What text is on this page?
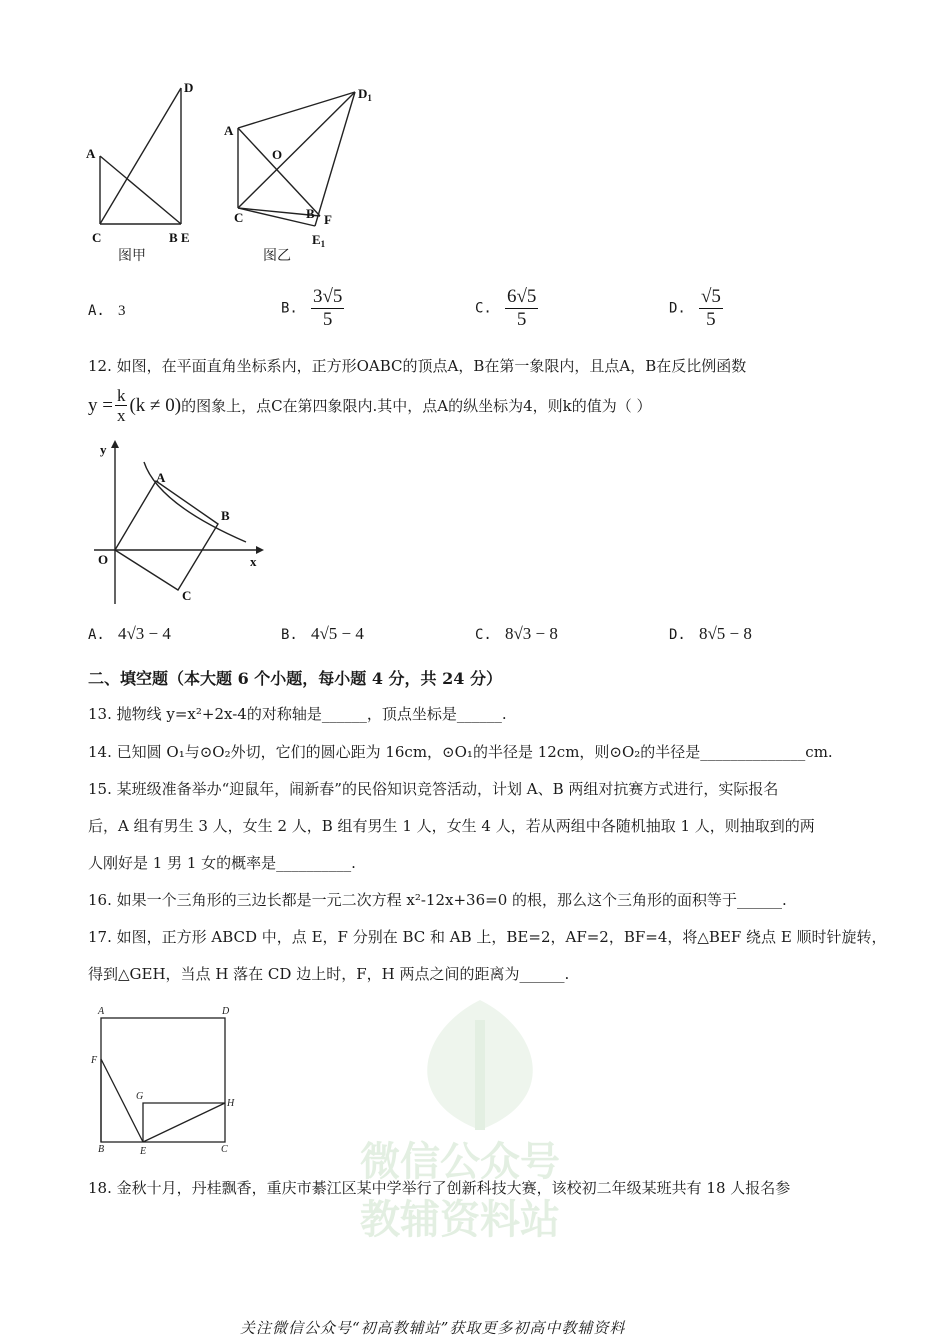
微信公众号
教辅资料站
D
A
C	B E
图甲
$D_1$
A
O
C	B F
$E_1$
图乙
A. 3	B. $\frac{3√5}{5}$	C. $\frac{6√5}{5}$	D. $\frac{√5}{5}$
12. 如图，在平面直角坐标系内，正方形OABC的顶点A，B在第一象限内，且点A，B在反比例函数
$y = \frac{k}{x} (k \ne 0)$ 的图象上，点C在第四象限内.其中，点A的纵坐标为4，则k的值为（ ）
y
x
O
A
B
C
A. 4√3 − 4	B. 4√5 − 4	C. 8√3 − 8	D. 8√5 − 8
二、填空题（本大题 6 个小题，每小题 4 分，共 24 分）
13. 抛物线 y=x²+2x-4的对称轴是______，顶点坐标是______.
14. 已知圆 O₁与⊙O₂外切，它们的圆心距为 16cm，⊙O₁的半径是 12cm，则⊙O₂的半径是______________cm.
15. 某班级准备举办“迎鼠年，闹新春”的民俗知识竞答活动，计划 A、B 两组对抗赛方式进行，实际报名
后，A 组有男生 3 人，女生 2 人，B 组有男生 1 人，女生 4 人，若从两组中各随机抽取 1 人，则抽取到的两
人刚好是 1 男 1 女的概率是__________.
16. 如果一个三角形的三边长都是一元二次方程 x²-12x+36=0 的根，那么这个三角形的面积等于______.
17. 如图，正方形 ABCD 中，点 E，F 分别在 BC 和 AB 上，BE=2，AF=2，BF=4，将△BEF 绕点 E 顺时针旋转，
得到△GEH，当点 H 落在 CD 边上时，F，H 两点之间的距离为______.
A	D
F
G
H
B	E	C
18. 金秋十月，丹桂飘香，重庆市綦江区某中学举行了创新科技大赛，该校初二年级某班共有 18 人报名参
关注微信公众号“初高教辅站”获取更多初高中教辅资料
